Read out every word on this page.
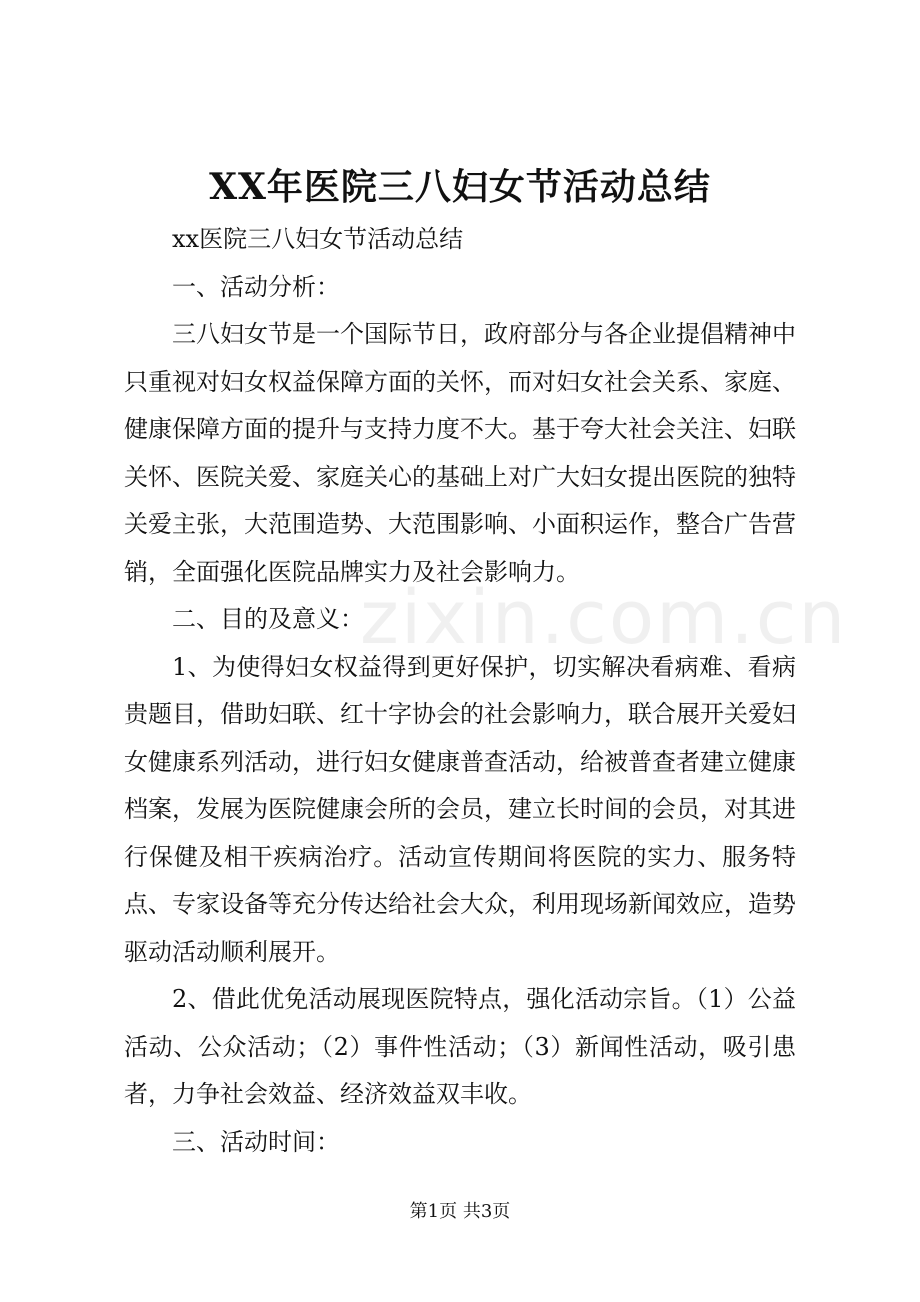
XX年医院三八妇女节活动总结

xx医院三八妇女节活动总结

一、活动分析：

三八妇女节是一个国际节日，政府部分与各企业提倡精神中只重视对妇女权益保障方面的关怀，而对妇女社会关系、家庭、健康保障方面的提升与支持力度不大。基于夸大社会关注、妇联关怀、医院关爱、家庭关心的基础上对广大妇女提出医院的独特关爱主张，大范围造势、大范围影响、小面积运作，整合广告营销，全面强化医院品牌实力及社会影响力。

二、目的及意义：

1、为使得妇女权益得到更好保护，切实解决看病难、看病贵题目，借助妇联、红十字协会的社会影响力，联合展开关爱妇女健康系列活动，进行妇女健康普查活动，给被普查者建立健康档案，发展为医院健康会所的会员，建立长时间的会员，对其进行保健及相干疾病治疗。活动宣传期间将医院的实力、服务特点、专家设备等充分传达给社会大众，利用现场新闻效应，造势驱动活动顺利展开。

2、借此优免活动展现医院特点，强化活动宗旨。（1）公益活动、公众活动；（2）事件性活动；（3）新闻性活动，吸引患者，力争社会效益、经济效益双丰收。

三、活动时间：

zixin.com.cn
第1页 共3页
